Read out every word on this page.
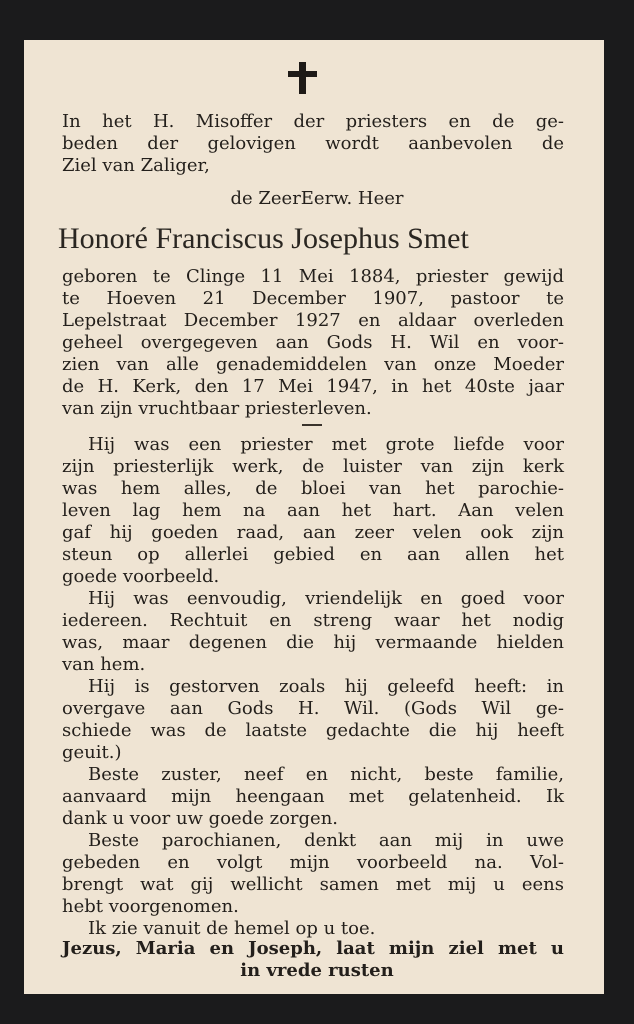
In het H. Misoffer der priesters en de ge-

beden der gelovigen wordt aanbevolen de

Ziel van Zaliger,

de ZeerEerw. Heer

Honoré Franciscus Josephus Smet

geboren te Clinge 11 Mei 1884, priester gewijd

te Hoeven 21 December 1907, pastoor te

Lepelstraat December 1927 en aldaar overleden

geheel overgegeven aan Gods H. Wil en voor-

zien van alle genademiddelen van onze Moeder

de H. Kerk, den 17 Mei 1947, in het 40ste jaar

van zijn vruchtbaar priesterleven.

Hij was een priester met grote liefde voor

zijn priesterlijk werk, de luister van zijn kerk

was hem alles, de bloei van het parochie-

leven lag hem na aan het hart. Aan velen

gaf hij goeden raad, aan zeer velen ook zijn

steun op allerlei gebied en aan allen het

goede voorbeeld.

Hij was eenvoudig, vriendelijk en goed voor

iedereen. Rechtuit en streng waar het nodig

was, maar degenen die hij vermaande hielden

van hem.

Hij is gestorven zoals hij geleefd heeft: in

overgave aan Gods H. Wil. (Gods Wil ge-

schiede was de laatste gedachte die hij heeft

geuit.)

Beste zuster, neef en nicht, beste familie,

aanvaard mijn heengaan met gelatenheid. Ik

dank u voor uw goede zorgen.

Beste parochianen, denkt aan mij in uwe

gebeden en volgt mijn voorbeeld na. Vol-

brengt wat gij wellicht samen met mij u eens

hebt voorgenomen.

Ik zie vanuit de hemel op u toe.

Jezus, Maria en Joseph, laat mijn ziel met u

in vrede rusten
